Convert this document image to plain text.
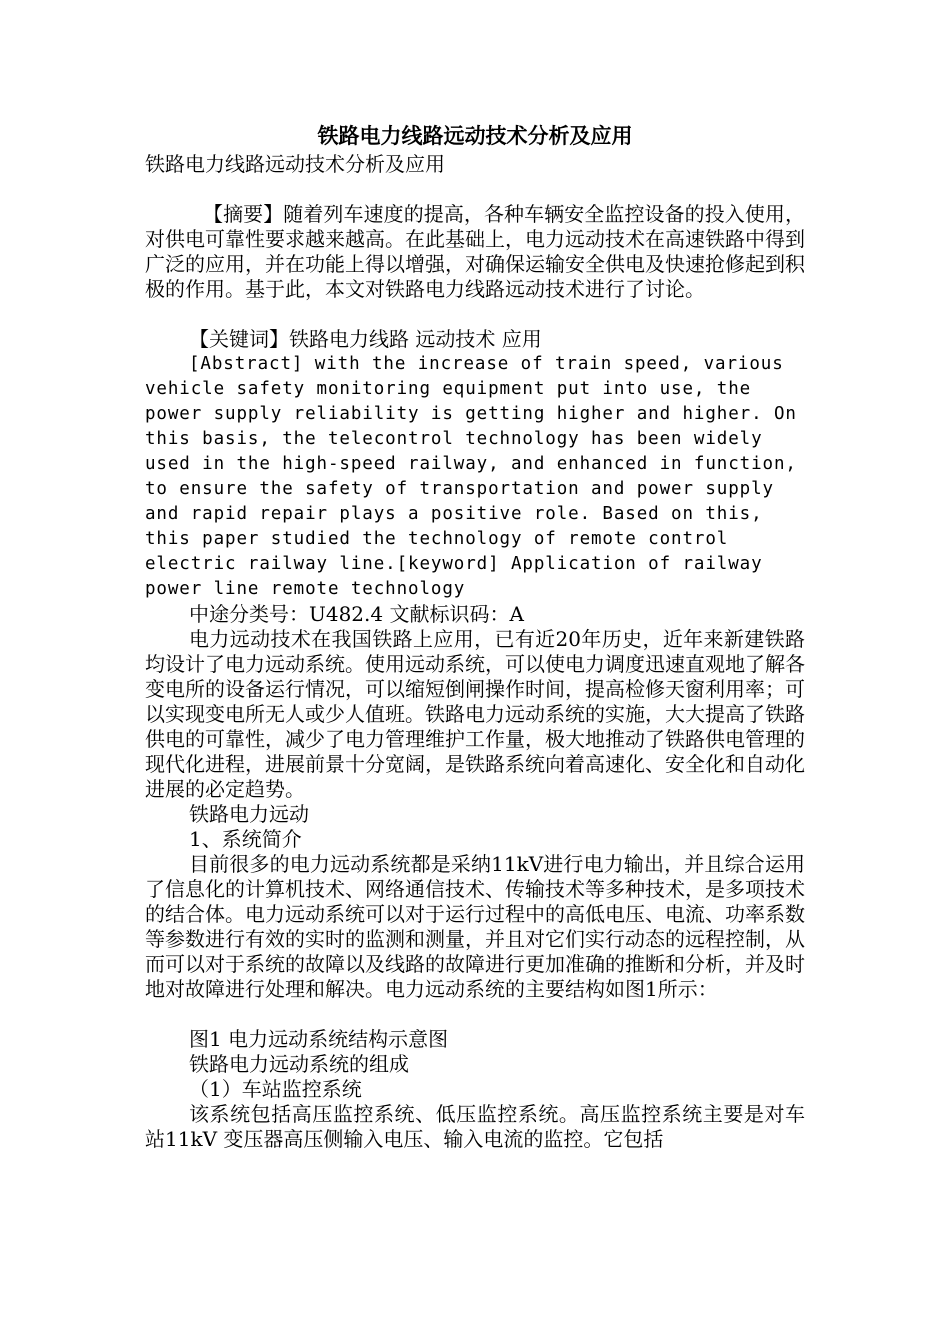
铁路电力线路远动技术分析及应用

铁路电力线路远动技术分析及应用

【摘要】随着列车速度的提高，各种车辆安全监控设备的投入使用，对供电可靠性要求越来越高。在此基础上，电力远动技术在高速铁路中得到广泛的应用，并在功能上得以增强，对确保运输安全供电及快速抢修起到积极的作用。基于此，本文对铁路电力线路远动技术进行了讨论。

【关键词】铁路电力线路 远动技术 应用

[Abstract] with the increase of train speed, various vehicle safety monitoring equipment put into use, the power supply reliability is getting higher and higher. On this basis, the telecontrol technology has been widely used in the high-speed railway, and enhanced in function, to ensure the safety of transportation and power supply and rapid repair plays a positive role. Based on this, this paper studied the technology of remote control electric railway line.[keyword] Application of railway power line remote technology

中途分类号：U482.4 文献标识码：A

电力远动技术在我国铁路上应用，已有近20年历史，近年来新建铁路均设计了电力远动系统。使用远动系统，可以使电力调度迅速直观地了解各变电所的设备运行情况，可以缩短倒闸操作时间，提高检修天窗利用率；可以实现变电所无人或少人值班。铁路电力远动系统的实施，大大提高了铁路供电的可靠性，减少了电力管理维护工作量，极大地推动了铁路供电管理的现代化进程，进展前景十分宽阔，是铁路系统向着高速化、安全化和自动化进展的必定趋势。

铁路电力远动

1、系统简介

目前很多的电力远动系统都是采纳11kV进行电力输出，并且综合运用了信息化的计算机技术、网络通信技术、传输技术等多种技术，是多项技术的结合体。电力远动系统可以对于运行过程中的高低电压、电流、功率系数等参数进行有效的实时的监测和测量，并且对它们实行动态的远程控制，从而可以对于系统的故障以及线路的故障进行更加准确的推断和分析，并及时地对故障进行处理和解决。电力远动系统的主要结构如图1所示：

图1 电力远动系统结构示意图

铁路电力远动系统的组成

（1）车站监控系统

该系统包括高压监控系统、低压监控系统。高压监控系统主要是对车站11kV 变压器高压侧输入电压、输入电流的监控。它包括
